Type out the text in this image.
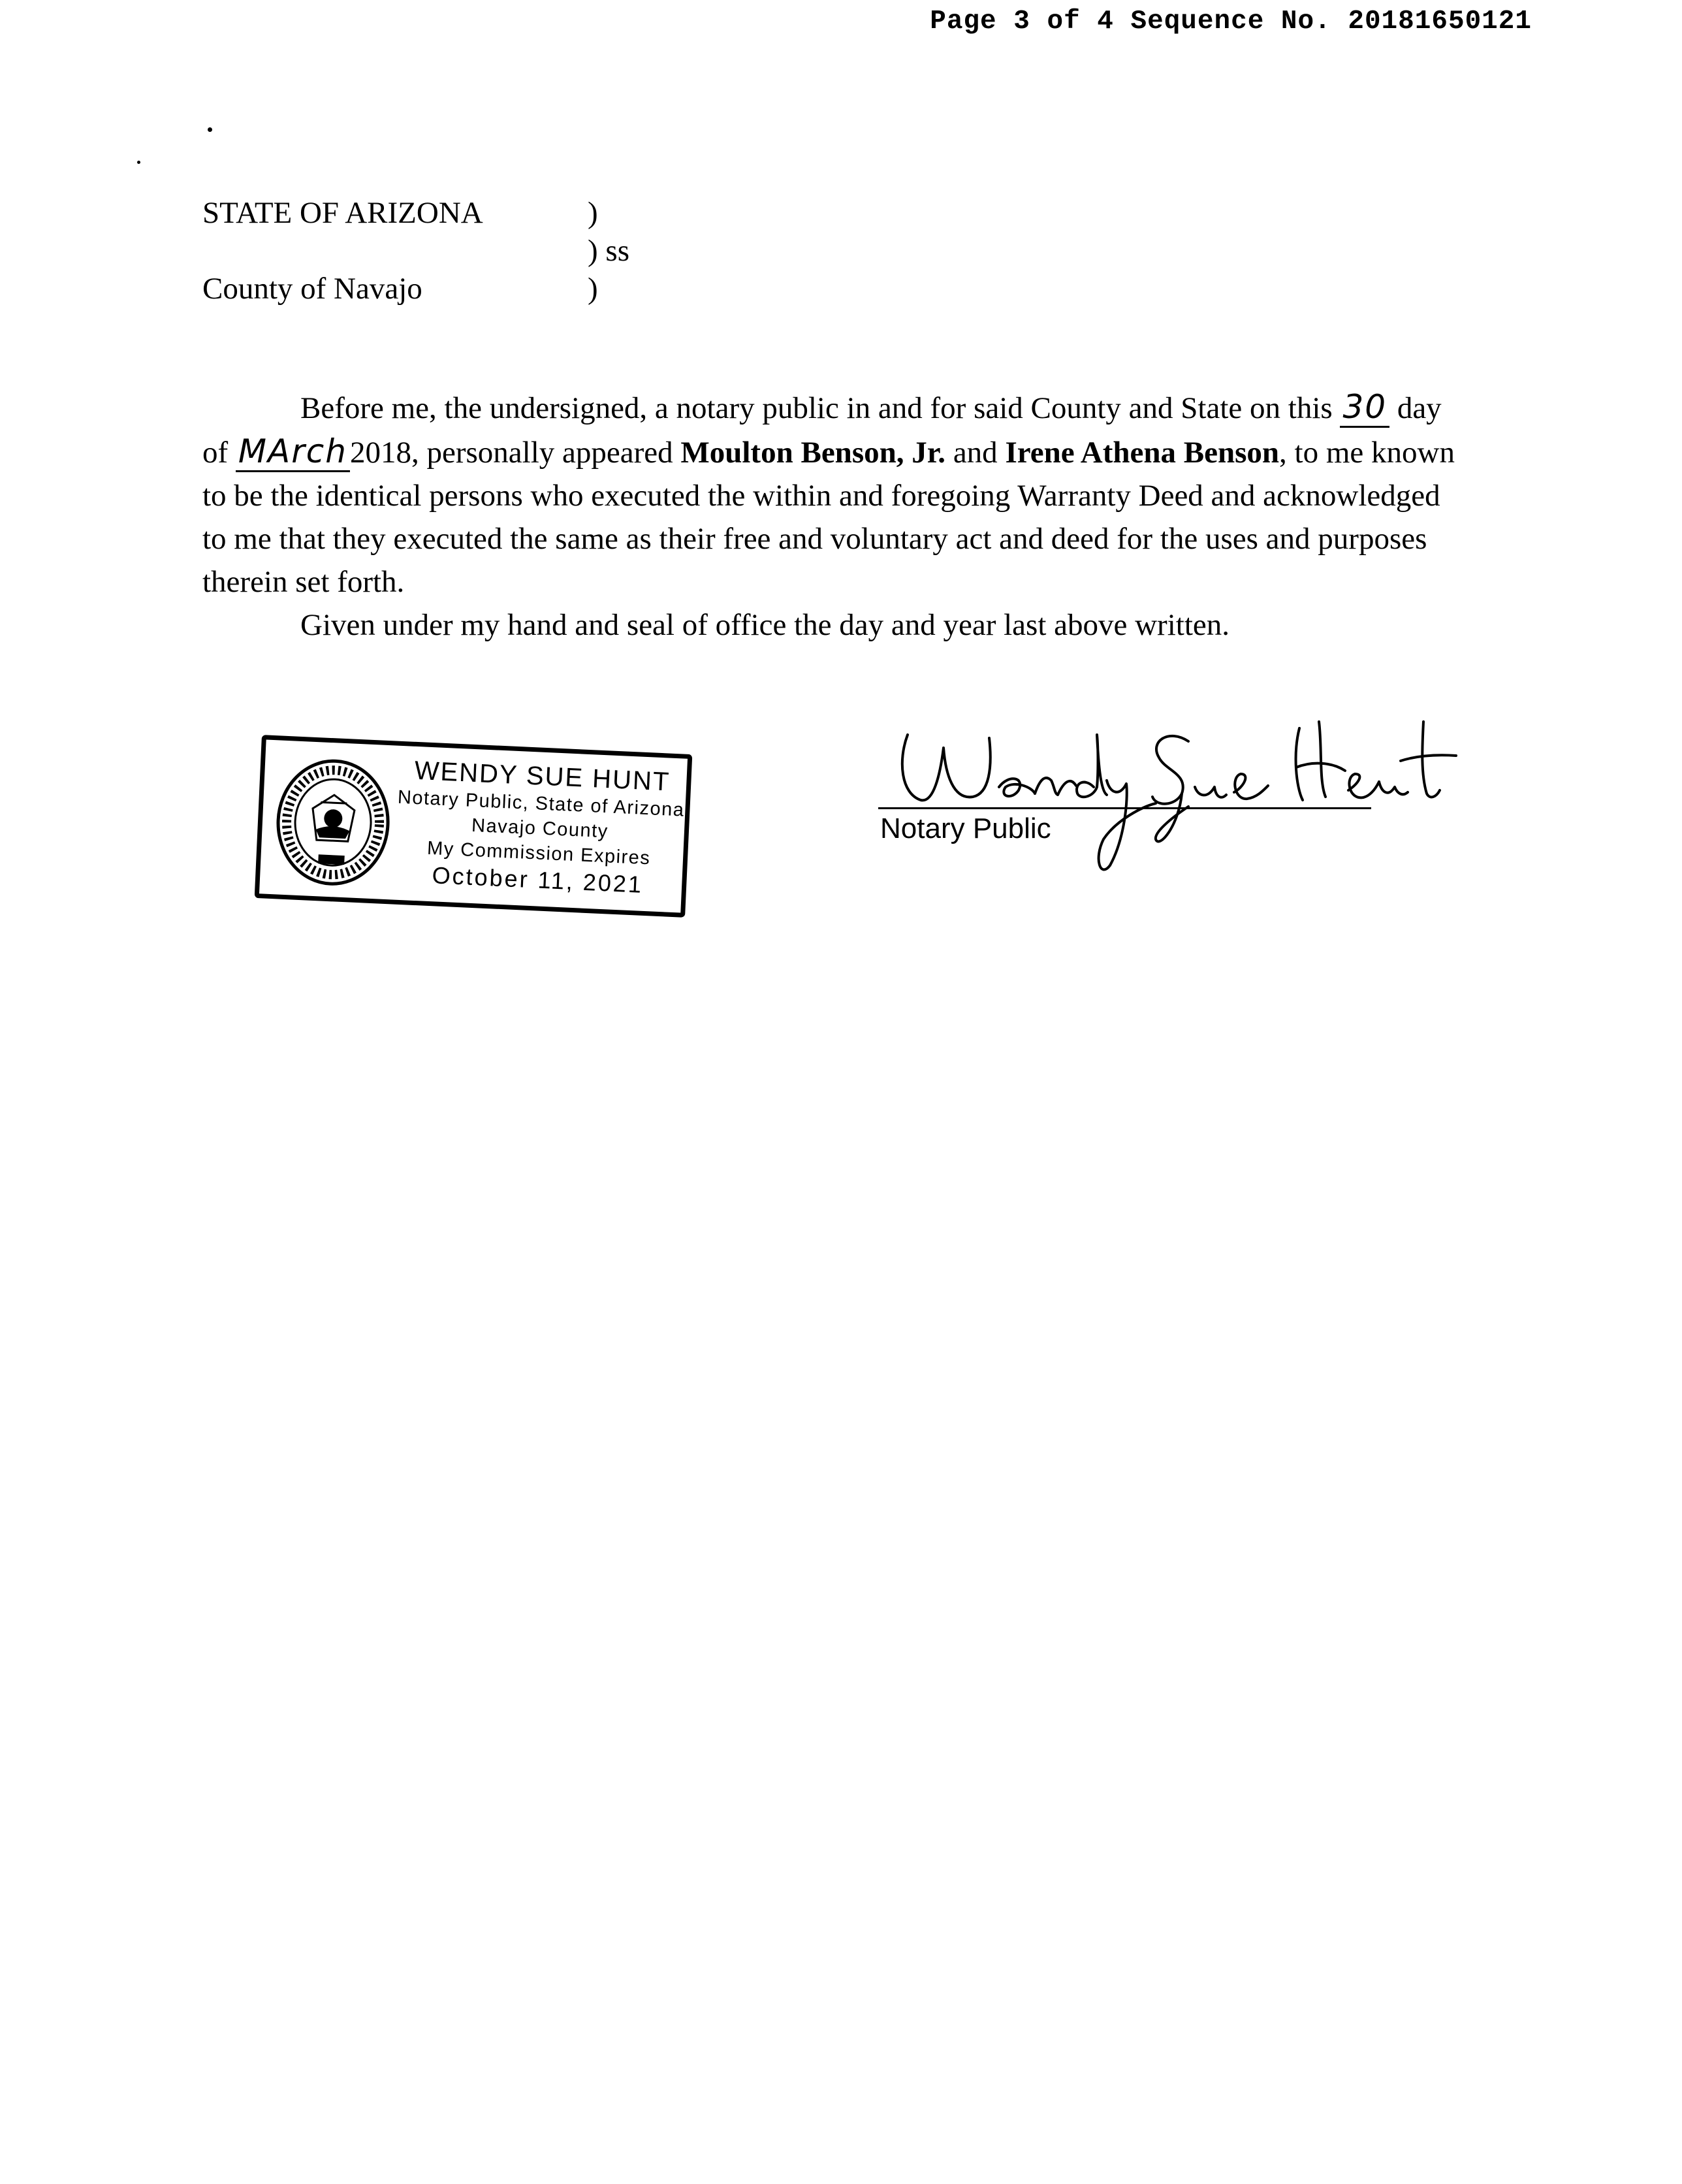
Page 3 of 4 Sequence No. 20181650121
STATE OF ARIZONA	)
) ss
County of Navajo	)

Before me, the undersigned, a notary public in and for said County and State on this 30 day of MArch2018, personally appeared Moulton Benson, Jr. and Irene Athena Benson, to me known to be the identical persons who executed the within and foregoing Warranty Deed and acknowledged to me that they executed the same as their free and voluntary act and deed for the uses and purposes therein set forth.

Given under my hand and seal of office the day and year last above written.

WENDY SUE HUNT
Notary Public, State of Arizona
Navajo County
My Commission Expires
October 11, 2021
Notary Public
